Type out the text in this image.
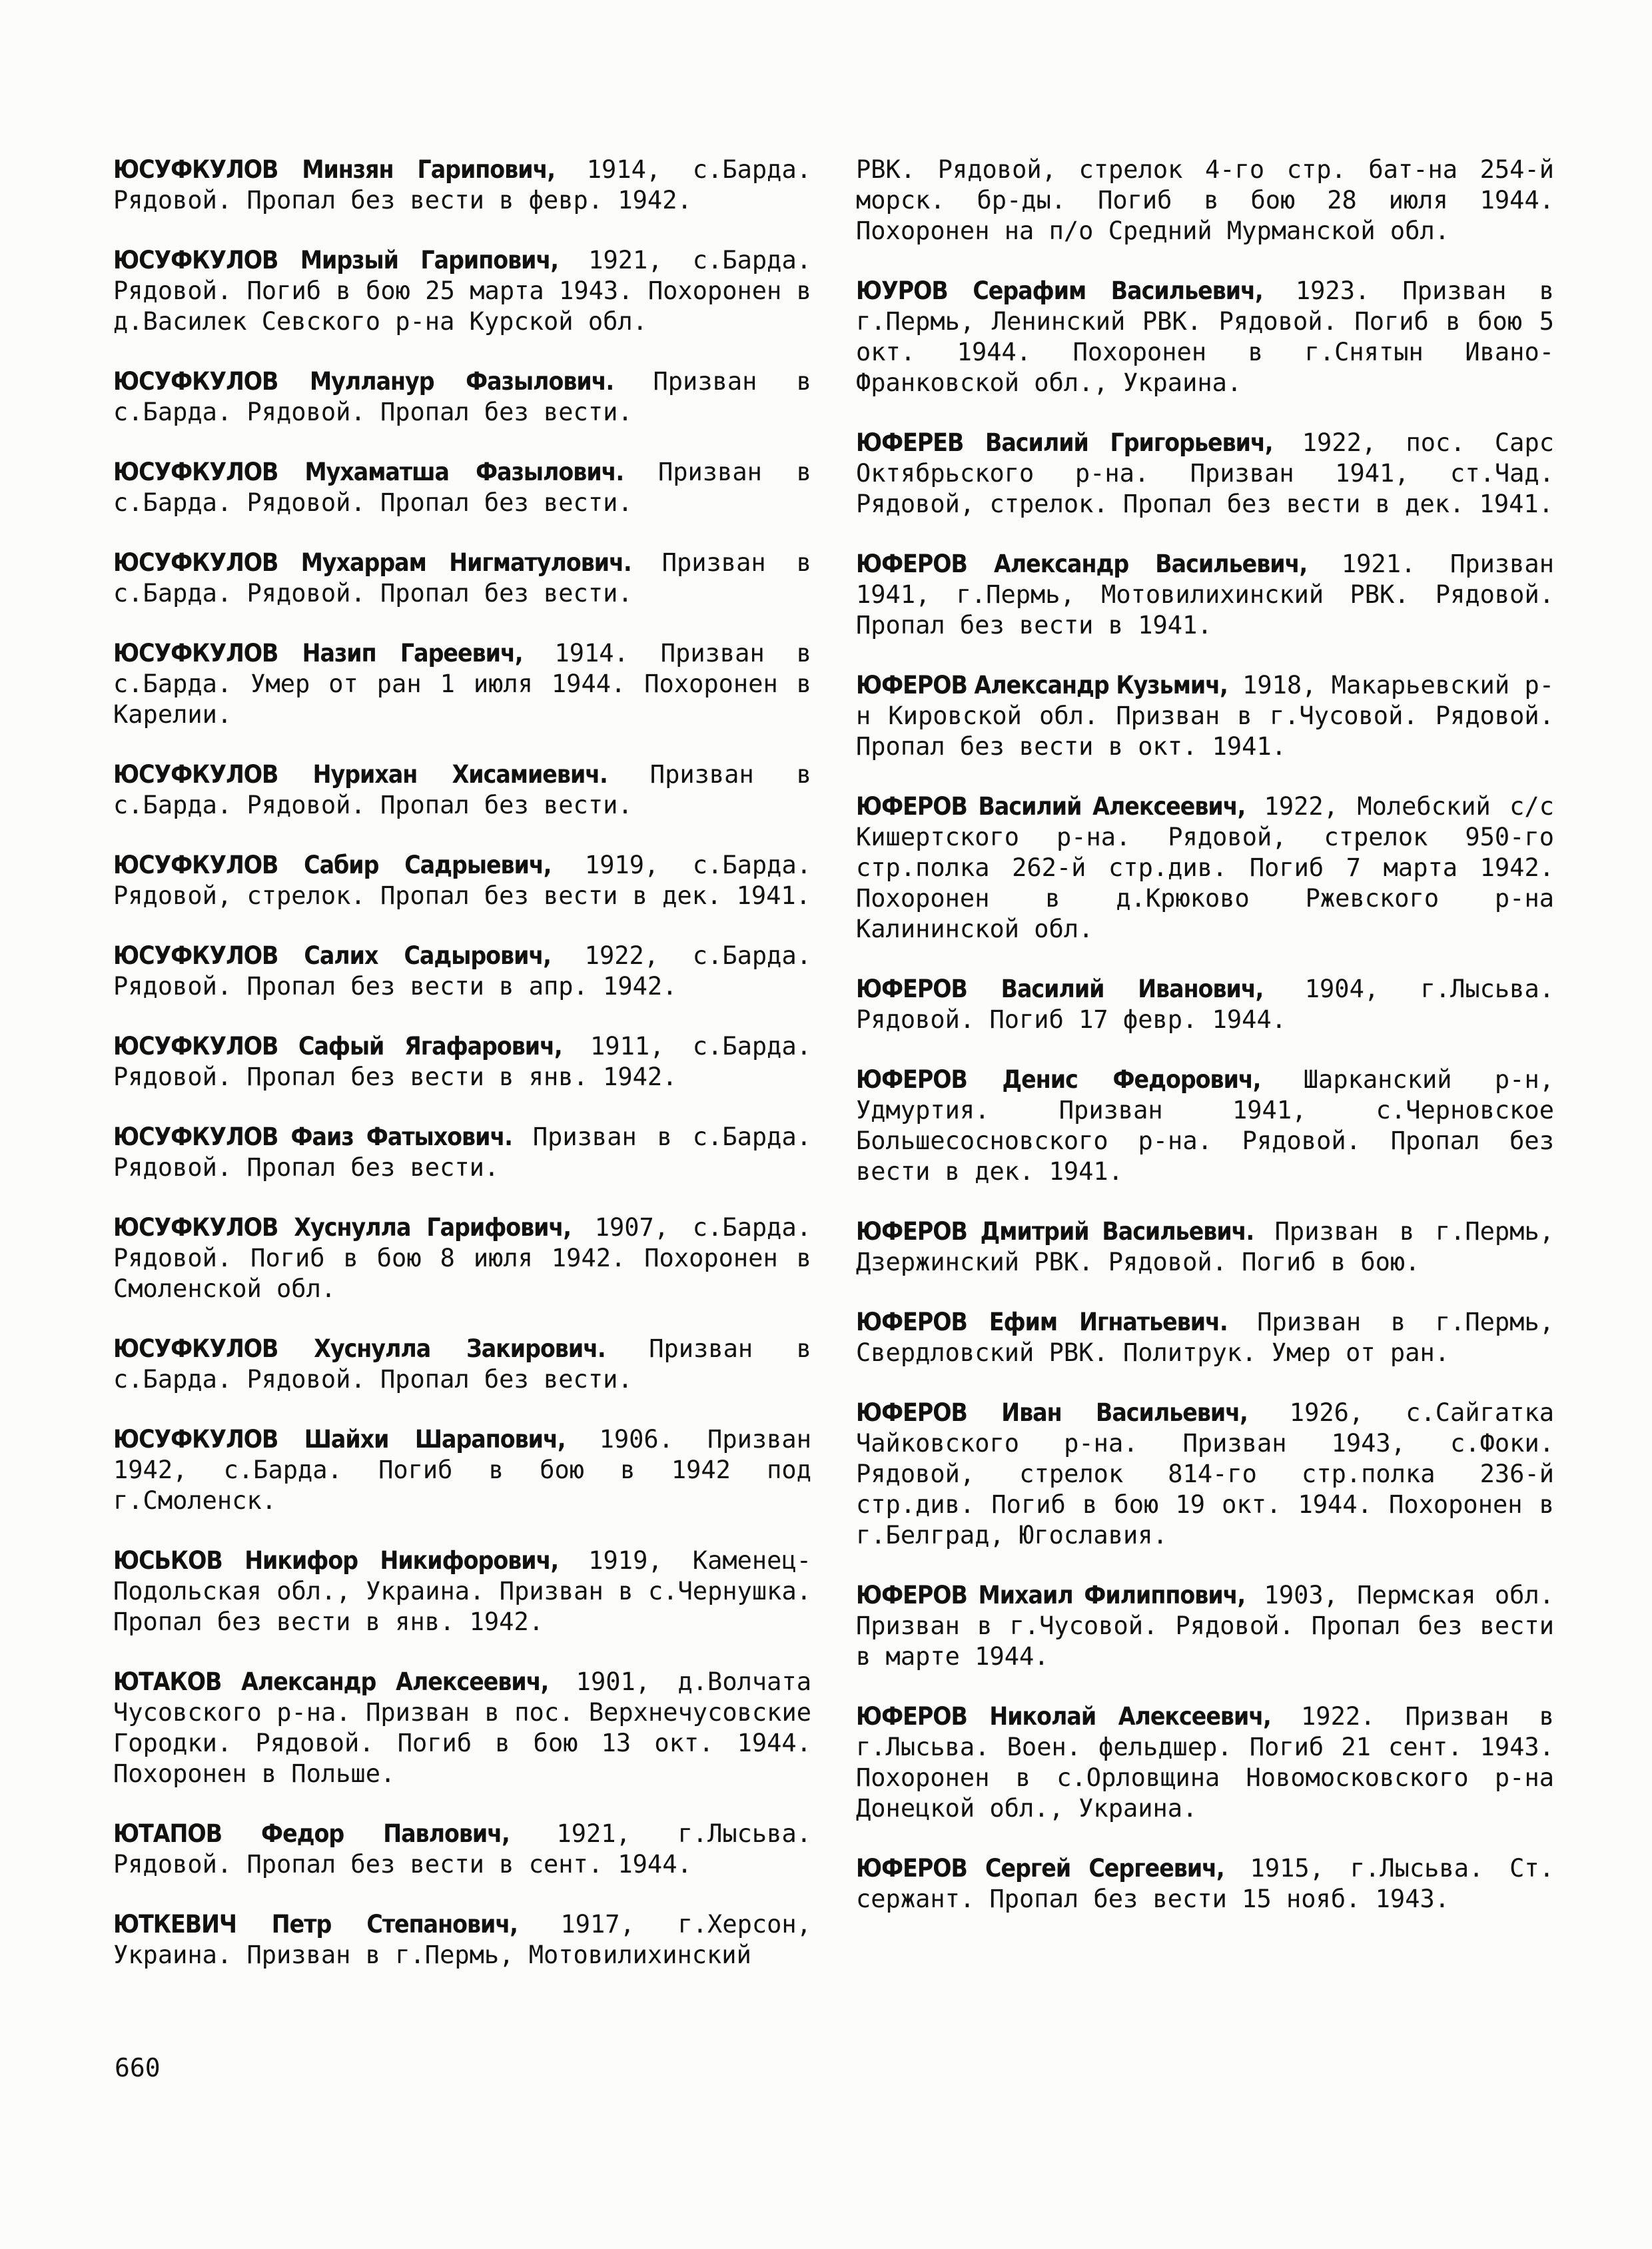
ЮСУФКУЛОВ Минзян Гарипович, 1914, с.Барда. Рядовой. Пропал без вести в февр. 1942.

ЮСУФКУЛОВ Мирзый Гарипович, 1921, с.Барда. Рядовой. Погиб в бою 25 марта 1943. Похоронен в д.Василек Севского р-на Курской обл.

ЮСУФКУЛОВ Мулланур Фазылович. Призван в с.Барда. Рядовой. Пропал без вести.

ЮСУФКУЛОВ Мухаматша Фазылович. Призван в с.Барда. Рядовой. Пропал без вести.

ЮСУФКУЛОВ Мухаррам Нигматулович. Призван в с.Барда. Рядовой. Пропал без вести.

ЮСУФКУЛОВ Назип Гареевич, 1914. Призван в с.Барда. Умер от ран 1 июля 1944. Похоронен в Карелии.

ЮСУФКУЛОВ Нурихан Хисамиевич. Призван в с.Барда. Рядовой. Пропал без вести.

ЮСУФКУЛОВ Сабир Садрыевич, 1919, с.Барда. Рядовой, стрелок. Пропал без вести в дек. 1941.

ЮСУФКУЛОВ Салих Садырович, 1922, с.Барда. Рядовой. Пропал без вести в апр. 1942.

ЮСУФКУЛОВ Сафый Ягафарович, 1911, с.Барда. Рядовой. Пропал без вести в янв. 1942.

ЮСУФКУЛОВ Фаиз Фатыхович. Призван в с.Барда. Рядовой. Пропал без вести.

ЮСУФКУЛОВ Хуснулла Гарифович, 1907, с.Барда. Рядовой. Погиб в бою 8 июля 1942. Похоронен в Смоленской обл.

ЮСУФКУЛОВ Хуснулла Закирович. Призван в с.Барда. Рядовой. Пропал без вести.

ЮСУФКУЛОВ Шайхи Шарапович, 1906. Призван 1942, с.Барда. Погиб в бою в 1942 под г.Смоленск.

ЮСЬКОВ Никифор Никифорович, 1919, Каменец-Подольская обл., Украина. Призван в с.Чернушка. Пропал без вести в янв. 1942.

ЮТАКОВ Александр Алексеевич, 1901, д.Волчата Чусовского р-на. Призван в пос. Верхнечусовские Городки. Рядовой. Погиб в бою 13 окт. 1944. Похоронен в Польше.

ЮТАПОВ Федор Павлович, 1921, г.Лысьва. Рядовой. Пропал без вести в сент. 1944.

ЮТКЕВИЧ Петр Степанович, 1917, г.Херсон, Украина. Призван в г.Пермь, Мотовилихинский

РВК. Рядовой, стрелок 4-го стр. бат-на 254-й морск. бр-ды. Погиб в бою 28 июля 1944. Похоронен на п/о Средний Мурманской обл.

ЮУРОВ Серафим Васильевич, 1923. Призван в г.Пермь, Ленинский РВК. Рядовой. Погиб в бою 5 окт. 1944. Похоронен в г.Снятын Ивано-Франковской обл., Украина.

ЮФЕРЕВ Василий Григорьевич, 1922, пос. Сарс Октябрьского р-на. Призван 1941, ст.Чад. Рядовой, стрелок. Пропал без вести в дек. 1941.

ЮФЕРОВ Александр Васильевич, 1921. Призван 1941, г.Пермь, Мотовилихинский РВК. Рядовой. Пропал без вести в 1941.

ЮФЕРОВ Александр Кузьмич, 1918, Макарьевский р-н Кировской обл. Призван в г.Чусовой. Рядовой. Пропал без вести в окт. 1941.

ЮФЕРОВ Василий Алексеевич, 1922, Молебский с/с Кишертского р-на. Рядовой, стрелок 950-го стр.полка 262-й стр.див. Погиб 7 марта 1942. Похоронен в д.Крюково Ржевского р-на Калининской обл.

ЮФЕРОВ Василий Иванович, 1904, г.Лысьва. Рядовой. Погиб 17 февр. 1944.

ЮФЕРОВ Денис Федорович, Шарканский р-н, Удмуртия. Призван 1941, с.Черновское Большесосновского р-на. Рядовой. Пропал без вести в дек. 1941.

ЮФЕРОВ Дмитрий Васильевич. Призван в г.Пермь, Дзержинский РВК. Рядовой. Погиб в бою.

ЮФЕРОВ Ефим Игнатьевич. Призван в г.Пермь, Свердловский РВК. Политрук. Умер от ран.

ЮФЕРОВ Иван Васильевич, 1926, с.Сайгатка Чайковского р-на. Призван 1943, с.Фоки. Рядовой, стрелок 814-го стр.полка 236-й стр.див. Погиб в бою 19 окт. 1944. Похоронен в г.Белград, Югославия.

ЮФЕРОВ Михаил Филиппович, 1903, Пермская обл. Призван в г.Чусовой. Рядовой. Пропал без вести в марте 1944.

ЮФЕРОВ Николай Алексеевич, 1922. Призван в г.Лысьва. Воен. фельдшер. Погиб 21 сент. 1943. Похоронен в с.Орловщина Новомосковского р-на Донецкой обл., Украина.

ЮФЕРОВ Сергей Сергеевич, 1915, г.Лысьва. Ст. сержант. Пропал без вести 15 нояб. 1943.

660
